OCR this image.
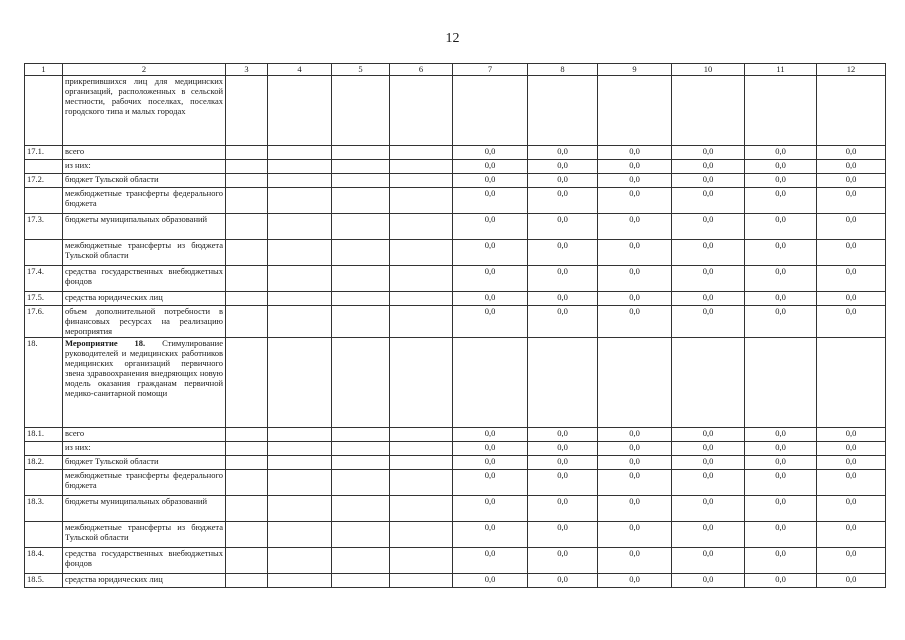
12
1	2	3	4	5	6	7	8	9	10	11	12
	прикрепившихся лиц для медицинских организаций, расположенных в сельской местности, рабочих поселках, поселках городского типа и малых городах										
17.1.	всего					0,0	0,0	0,0	0,0	0,0	0,0
	из них:					0,0	0,0	0,0	0,0	0,0	0,0
17.2.	бюджет Тульской области					0,0	0,0	0,0	0,0	0,0	0,0
	межбюджетные трансферты федерального бюджета					0,0	0,0	0,0	0,0	0,0	0,0
17.3.	бюджеты муниципальных образований					0,0	0,0	0,0	0,0	0,0	0,0
	межбюджетные трансферты из бюджета Тульской области					0,0	0,0	0,0	0,0	0,0	0,0
17.4.	средства государственных внебюджетных фондов					0,0	0,0	0,0	0,0	0,0	0,0
17.5.	средства юридических лиц					0,0	0,0	0,0	0,0	0,0	0,0
17.6.	объем дополнительной потребности в финансовых ресурсах на реализацию мероприятия					0,0	0,0	0,0	0,0	0,0	0,0
18.	Мероприятие 18. Стимулирование руководителей и медицинских работников медицинских организаций первичного звена здравоохранения внедряющих новую модель оказания гражданам первичной медико-санитарной помощи										
18.1.	всего					0,0	0,0	0,0	0,0	0,0	0,0
	из них:					0,0	0,0	0,0	0,0	0,0	0,0
18.2.	бюджет Тульской области					0,0	0,0	0,0	0,0	0,0	0,0
	межбюджетные трансферты федерального бюджета					0,0	0,0	0,0	0,0	0,0	0,0
18.3.	бюджеты муниципальных образований					0,0	0,0	0,0	0,0	0,0	0,0
	межбюджетные трансферты из бюджета Тульской области					0,0	0,0	0,0	0,0	0,0	0,0
18.4.	средства государственных внебюджетных фондов					0,0	0,0	0,0	0,0	0,0	0,0
18.5.	средства юридических лиц					0,0	0,0	0,0	0,0	0,0	0,0
